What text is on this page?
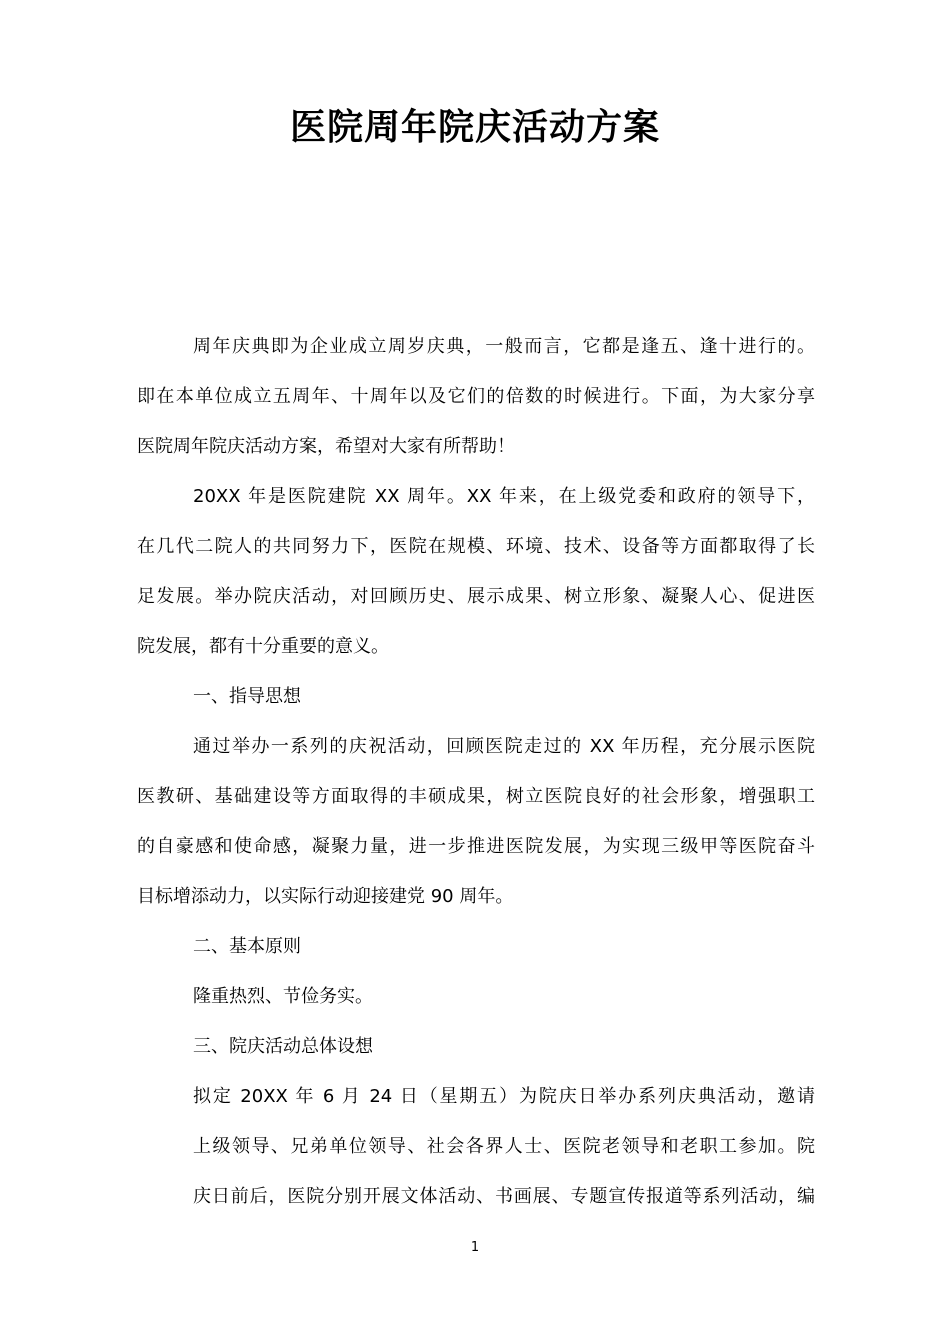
医院周年院庆活动方案
周年庆典即为企业成立周岁庆典，一般而言，它都是逢五、逢十进行的。
即在本单位成立五周年、十周年以及它们的倍数的时候进行。下面，为大家分享
医院周年院庆活动方案，希望对大家有所帮助！
20XX 年是医院建院 XX 周年。XX 年来，在上级党委和政府的领导下，
在几代二院人的共同努力下，医院在规模、环境、技术、设备等方面都取得了长
足发展。举办院庆活动，对回顾历史、展示成果、树立形象、凝聚人心、促进医
院发展，都有十分重要的意义。
一、指导思想
通过举办一系列的庆祝活动，回顾医院走过的 XX 年历程，充分展示医院
医教研、基础建设等方面取得的丰硕成果，树立医院良好的社会形象，增强职工
的自豪感和使命感，凝聚力量，进一步推进医院发展，为实现三级甲等医院奋斗
目标增添动力，以实际行动迎接建党 90 周年。
二、基本原则
隆重热烈、节俭务实。
三、院庆活动总体设想
拟定 20XX 年 6 月 24 日（星期五）为院庆日举办系列庆典活动，邀请
上级领导、兄弟单位领导、社会各界人士、医院老领导和老职工参加。院
庆日前后，医院分别开展文体活动、书画展、专题宣传报道等系列活动，编
1
